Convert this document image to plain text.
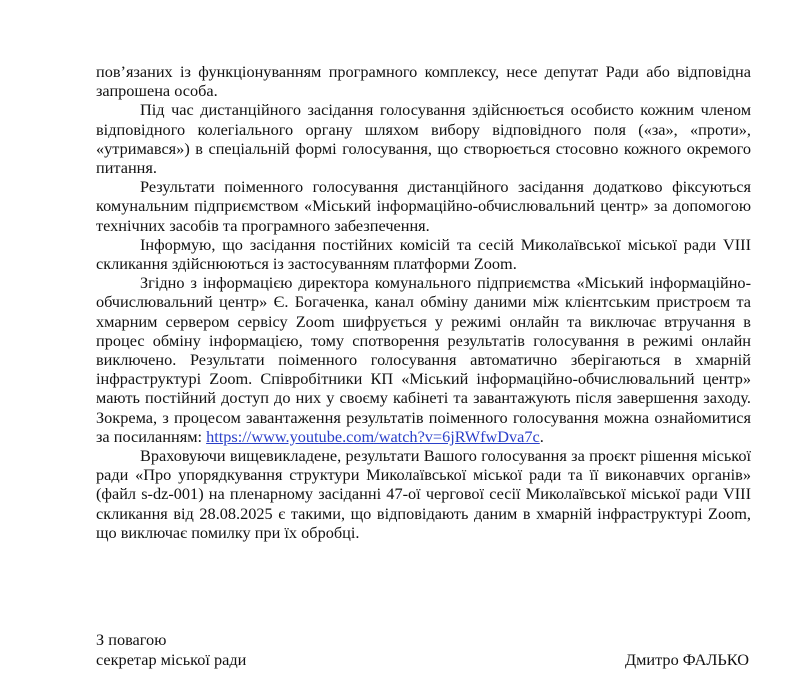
пов’язаних із функціонуванням програмного комплексу, несе депутат Ради або відповідна запрошена особа.

Під час дистанційного засідання голосування здійснюється особисто кожним членом відповідного колегіального органу шляхом вибору відповідного поля («за», «проти», «утримався») в спеціальній формі голосування, що створюється стосовно кожного окремого питання.

Результати поіменного голосування дистанційного засідання додатково фіксуються комунальним підприємством «Міський інформаційно-обчислювальний центр» за допомогою технічних засобів та програмного забезпечення.

Інформую, що засідання постійних комісій та сесій Миколаївської міської ради VIII скликання здійснюються із застосуванням платформи Zoom.

Згідно з інформацією директора комунального підприємства «Міський інформаційно-обчислювальний центр» Є. Богаченка, канал обміну даними між клієнтським пристроєм та хмарним сервером сервісу Zoom шифрується у режимі онлайн та виключає втручання в процес обміну інформацією, тому спотворення результатів голосування в режимі онлайн виключено. Результати поіменного голосування автоматично зберігаються в хмарній інфраструктурі Zoom. Співробітники КП «Міський інформаційно-обчислювальний центр» мають постійний доступ до них у своєму кабінеті та завантажують після завершення заходу. Зокрема, з процесом завантаження результатів поіменного голосування можна ознайомитися за посиланням: https://www.youtube.com/watch?v=6jRWfwDva7c.

Враховуючи вищевикладене, результати Вашого голосування за проєкт рішення міської ради «Про упорядкування структури Миколаївської міської ради та її виконавчих органів» (файл s-dz-001) на пленарному засіданні 47-ої чергової сесії Миколаївської міської ради VIII скликання від 28.08.2025 є такими, що відповідають даним в хмарній інфраструктурі Zoom, що виключає помилку при їх обробці.

З повагою
секретар міської ради	Дмитро ФАЛЬКО
